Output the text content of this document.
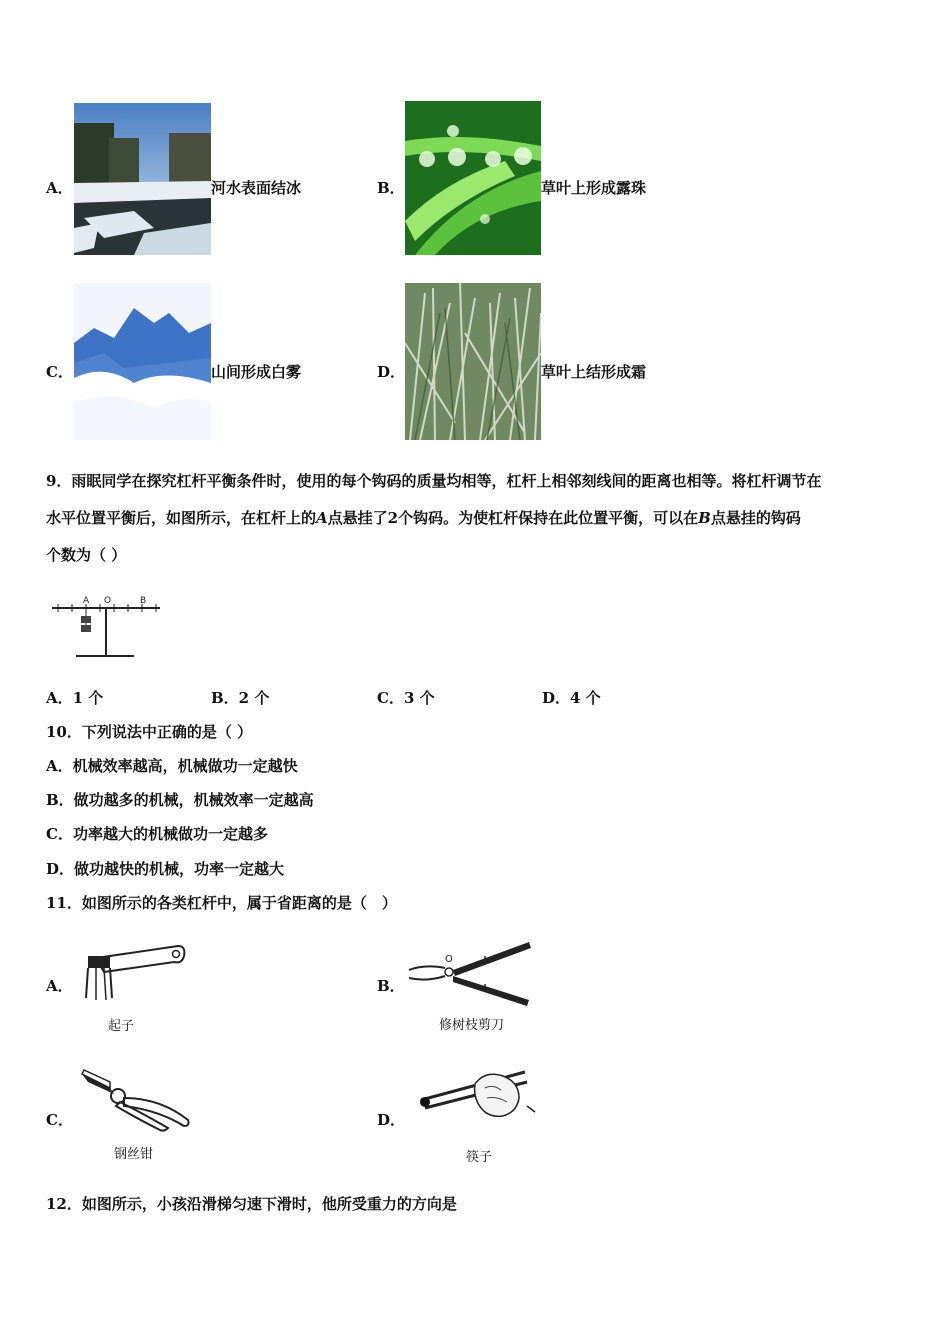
A．	河水表面结冰	B．	草叶上形成露珠
C．	山间形成白雾	D．	草叶上结形成霜
9．雨眠同学在探究杠杆平衡条件时，使用的每个钩码的质量均相等，杠杆上相邻刻线间的距离也相等。将杠杆调节在
水平位置平衡后，如图所示，在杠杆上的A点悬挂了2个钩码。为使杠杆保持在此位置平衡，可以在B点悬挂的钩码
个数为（ ）
A O	B
A．1 个	B．2 个	C．3 个	D．4 个
10．下列说法中正确的是（ ）
A．机械效率越高，机械做功一定越快
B．做功越多的机械，机械效率一定越高
C．功率越大的机械做功一定越多
D．做功越快的机械，功率一定越大
11．如图所示的各类杠杆中，属于省距离的是（　）
A．
起子
B．
O
修树枝剪刀
C．
钢丝钳
D．
筷子
12．如图所示，小孩沿滑梯匀速下滑时，他所受重力的方向是
